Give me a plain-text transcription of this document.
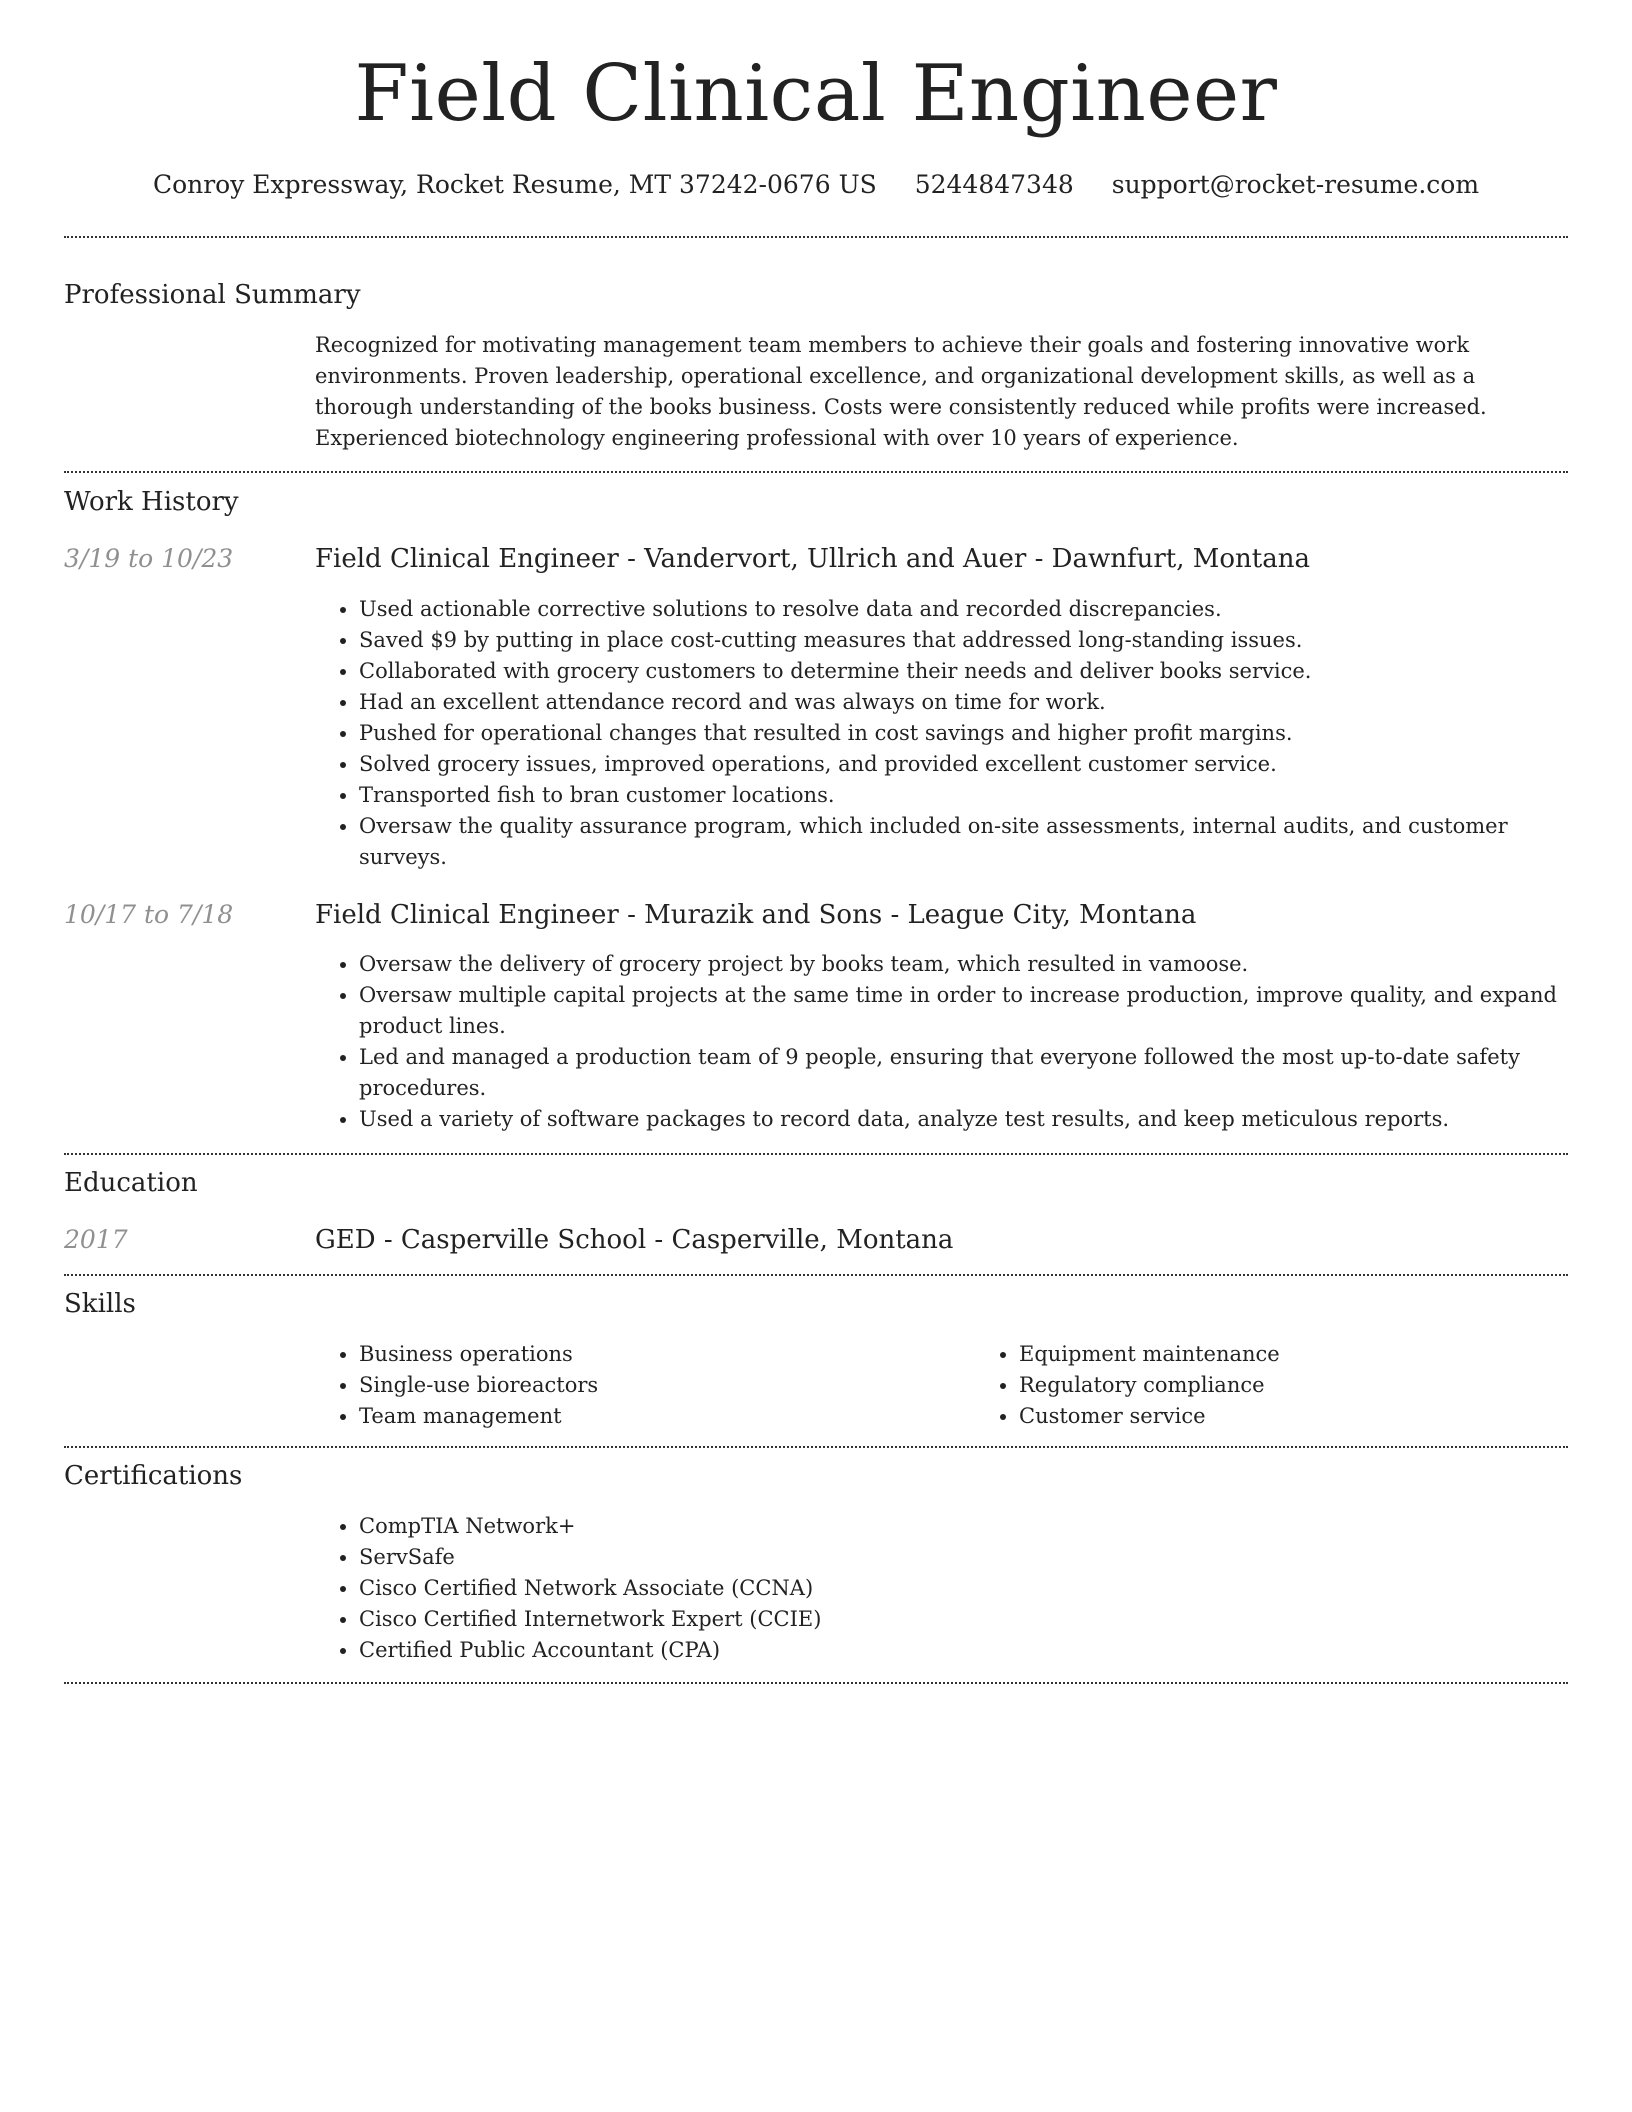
Field Clinical Engineer
Conroy Expressway, Rocket Resume, MT 37242-0676 US 5244847348 support@rocket-resume.com
Professional Summary
Recognized for motivating management team members to achieve their goals and fostering innovative work environments. Proven leadership, operational excellence, and organizational development skills, as well as a thorough understanding of the books business. Costs were consistently reduced while profits were increased. Experienced biotechnology engineering professional with over 10 years of experience.
Work History
3/19 to 10/23	Field Clinical Engineer - Vandervort, Ullrich and Auer - Dawnfurt, Montana
• Used actionable corrective solutions to resolve data and recorded discrepancies.
• Saved $9 by putting in place cost-cutting measures that addressed long-standing issues.
• Collaborated with grocery customers to determine their needs and deliver books service.
• Had an excellent attendance record and was always on time for work.
• Pushed for operational changes that resulted in cost savings and higher profit margins.
• Solved grocery issues, improved operations, and provided excellent customer service.
• Transported fish to bran customer locations.
• Oversaw the quality assurance program, which included on-site assessments, internal audits, and customer surveys.
10/17 to 7/18	Field Clinical Engineer - Murazik and Sons - League City, Montana
• Oversaw the delivery of grocery project by books team, which resulted in vamoose.
• Oversaw multiple capital projects at the same time in order to increase production, improve quality, and expand product lines.
• Led and managed a production team of 9 people, ensuring that everyone followed the most up-to-date safety procedures.
• Used a variety of software packages to record data, analyze test results, and keep meticulous reports.
Education
2017	GED - Casperville School - Casperville, Montana
Skills
• Business operations
• Single-use bioreactors
• Team management
• Equipment maintenance
• Regulatory compliance
• Customer service
Certifications
• CompTIA Network+
• ServSafe
• Cisco Certified Network Associate (CCNA)
• Cisco Certified Internetwork Expert (CCIE)
• Certified Public Accountant (CPA)
